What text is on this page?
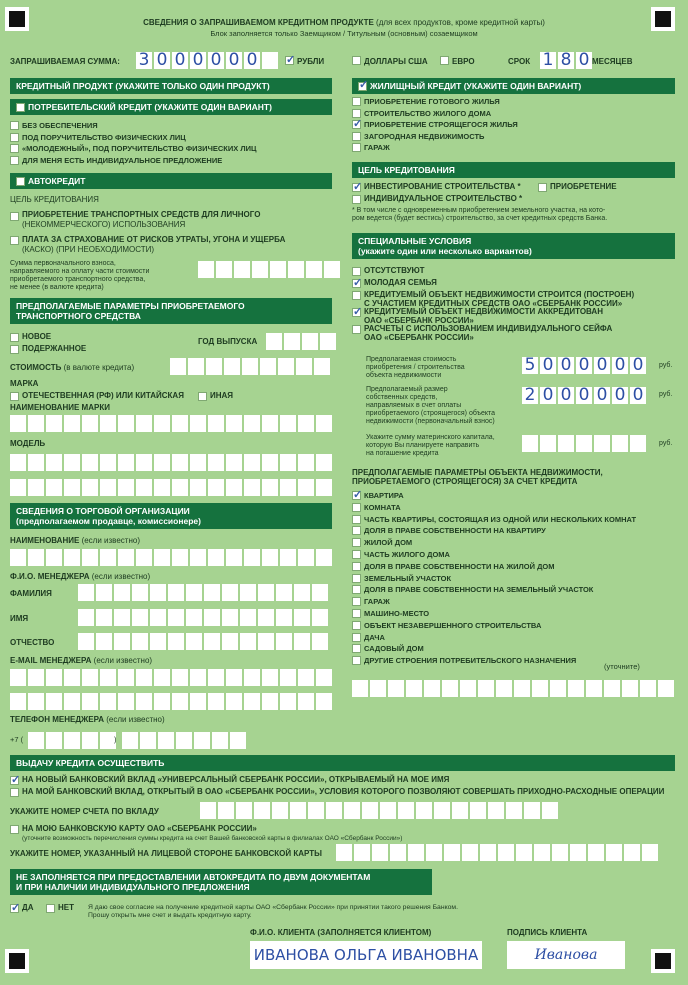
СВЕДЕНИЯ О ЗАПРАШИВАЕМОМ КРЕДИТНОМ ПРОДУКТЕ (для всех продуктов, кроме кредитной карты)
Блок заполняется только Заемщиком / Титульным (основным) созаемщиком
ЗАПРАШИВАЕМАЯ СУММА: 3 0 0 0 0 0 0
✓	РУБЛИ	ДОЛЛАРЫ США	ЕВРО	СРОК 1 8 0 МЕСЯЦЕВ
КРЕДИТНЫЙ ПРОДУКТ (УКАЖИТЕ ТОЛЬКО ОДИН ПРОДУКТ)
ПОТРЕБИТЕЛЬСКИЙ КРЕДИТ (УКАЖИТЕ ОДИН ВАРИАНТ)
БЕЗ ОБЕСПЕЧЕНИЯ
ПОД ПОРУЧИТЕЛЬСТВО ФИЗИЧЕСКИХ ЛИЦ
«МОЛОДЕЖНЫЙ», ПОД ПОРУЧИТЕЛЬСТВО ФИЗИЧЕСКИХ ЛИЦ
ДЛЯ МЕНЯ ЕСТЬ ИНДИВИДУАЛЬНОЕ ПРЕДЛОЖЕНИЕ
АВТОКРЕДИТ
ЦЕЛЬ КРЕДИТОВАНИЯ
ПРИОБРЕТЕНИЕ ТРАНСПОРТНЫХ СРЕДСТВ ДЛЯ ЛИЧНОГО
(НЕКОММЕРЧЕСКОГО) ИСПОЛЬЗОВАНИЯ
ПЛАТА ЗА СТРАХОВАНИЕ ОТ РИСКОВ УТРАТЫ, УГОНА И УЩЕРБА
(КАСКО) (ПРИ НЕОБХОДИМОСТИ)
Сумма первоначального взноса,
направляемого на оплату части стоимости
приобретаемого транспортного средства,
не менее (в валюте кредита)
ПРЕДПОЛАГАЕМЫЕ ПАРАМЕТРЫ ПРИОБРЕТАЕМОГО
ТРАНСПОРТНОГО СРЕДСТВА
НОВОЕ
ПОДЕРЖАННОЕ
ГОД ВЫПУСКА
СТОИМОСТЬ (в валюте кредита)
МАРКА
ОТЕЧЕСТВЕННАЯ (РФ) ИЛИ КИТАЙСКАЯ	ИНАЯ
НАИМЕНОВАНИЕ МАРКИ
МОДЕЛЬ
СВЕДЕНИЯ О ТОРГОВОЙ ОРГАНИЗАЦИИ
(предполагаемом продавце, комиссионере)
НАИМЕНОВАНИЕ (если известно)
Ф.И.О. МЕНЕДЖЕРА (если известно)
ФАМИЛИЯ
ИМЯ
ОТЧЕСТВО
E-MAIL МЕНЕДЖЕРА (если известно)
ТЕЛЕФОН МЕНЕДЖЕРА (если известно)
+7 (	)
✓ЖИЛИЩНЫЙ КРЕДИТ (УКАЖИТЕ ОДИН ВАРИАНТ)
ПРИОБРЕТЕНИЕ ГОТОВОГО ЖИЛЬЯ
СТРОИТЕЛЬСТВО ЖИЛОГО ДОМА
✓
ПРИОБРЕТЕНИЕ СТРОЯЩЕГОСЯ ЖИЛЬЯ
ЗАГОРОДНАЯ НЕДВИЖИМОСТЬ
ГАРАЖ
ЦЕЛЬ КРЕДИТОВАНИЯ
✓
ИНВЕСТИРОВАНИЕ СТРОИТЕЛЬСТВА *	ПРИОБРЕТЕНИЕ
ИНДИВИДУАЛЬНОЕ СТРОИТЕЛЬСТВО *
* В том числе с одновременным приобретением земельного участка, на кото-
ром ведется (будет вестись) строительство, за счет кредитных средств Банка.
СПЕЦИАЛЬНЫЕ УСЛОВИЯ
(укажите один или несколько вариантов)
ОТСУТСТВУЮТ
✓
МОЛОДАЯ СЕМЬЯ
КРЕДИТУЕМЫЙ ОБЪЕКТ НЕДВИЖИМОСТИ СТРОИТСЯ (ПОСТРОЕН)
С УЧАСТИЕМ КРЕДИТНЫХ СРЕДСТВ ОАО «СБЕРБАНК РОССИИ»
✓
КРЕДИТУЕМЫЙ ОБЪЕКТ НЕДВИЖИМОСТИ АККРЕДИТОВАН
ОАО «СБЕРБАНК РОССИИ»
РАСЧЕТЫ С ИСПОЛЬЗОВАНИЕМ ИНДИВИДУАЛЬНОГО СЕЙФА
ОАО «СБЕРБАНК РОССИИ»
Предполагаемая стоимость
приобретения / строительства
объекта недвижимости
5 0 0 0 0 0 0	руб.
Предполагаемый размер
собственных средств,
направляемых в счет оплаты
приобретаемого (строящегося) объекта
недвижимости (первоначальный взнос)
2 0 0 0 0 0 0	руб.
Укажите сумму материнского капитала,
которую Вы планируете направить
на погашение кредита
руб.
ПРЕДПОЛАГАЕМЫЕ ПАРАМЕТРЫ ОБЪЕКТА НЕДВИЖИМОСТИ,
ПРИОБРЕТАЕМОГО (СТРОЯЩЕГОСЯ) ЗА СЧЕТ КРЕДИТА
✓
КВАРТИРА
КОМНАТА
ЧАСТЬ КВАРТИРЫ, СОСТОЯЩАЯ ИЗ ОДНОЙ ИЛИ НЕСКОЛЬКИХ КОМНАТ
ДОЛЯ В ПРАВЕ СОБСТВЕННОСТИ НА КВАРТИРУ
ЖИЛОЙ ДОМ
ЧАСТЬ ЖИЛОГО ДОМА
ДОЛЯ В ПРАВЕ СОБСТВЕННОСТИ НА ЖИЛОЙ ДОМ
ЗЕМЕЛЬНЫЙ УЧАСТОК
ДОЛЯ В ПРАВЕ СОБСТВЕННОСТИ НА ЗЕМЕЛЬНЫЙ УЧАСТОК
ГАРАЖ
МАШИНО-МЕСТО
ОБЪЕКТ НЕЗАВЕРШЕННОГО СТРОИТЕЛЬСТВА
ДАЧА
САДОВЫЙ ДОМ
ДРУГИЕ СТРОЕНИЯ ПОТРЕБИТЕЛЬСКОГО НАЗНАЧЕНИЯ
(уточните)
ВЫДАЧУ КРЕДИТА ОСУЩЕСТВИТЬ
✓
НА НОВЫЙ БАНКОВСКИЙ ВКЛАД «УНИВЕРСАЛЬНЫЙ СБЕРБАНК РОССИИ», ОТКРЫВАЕМЫЙ НА МОЕ ИМЯ
НА МОЙ БАНКОВСКИЙ ВКЛАД, ОТКРЫТЫЙ В ОАО «СБЕРБАНК РОССИИ», УСЛОВИЯ КОТОРОГО ПОЗВОЛЯЮТ СОВЕРШАТЬ ПРИХОДНО-РАСХОДНЫЕ ОПЕРАЦИИ
УКАЖИТЕ НОМЕР СЧЕТА ПО ВКЛАДУ
НА МОЮ БАНКОВСКУЮ КАРТУ ОАО «СБЕРБАНК РОССИИ»
(уточните возможность перечисления суммы кредита на счет Вашей банковской карты в филиалах ОАО «Сбербанк России»)
УКАЖИТЕ НОМЕР, УКАЗАННЫЙ НА ЛИЦЕВОЙ СТОРОНЕ БАНКОВСКОЙ КАРТЫ
НЕ ЗАПОЛНЯЕТСЯ ПРИ ПРЕДОСТАВЛЕНИИ АВТОКРЕДИТА ПО ДВУМ ДОКУМЕНТАМ
И ПРИ НАЛИЧИИ ИНДИВИДУАЛЬНОГО ПРЕДЛОЖЕНИЯ
✓
ДА	НЕТ Я даю свое согласие на получение кредитной карты ОАО «Сбербанк России» при принятии такого решения Банком.
Прошу открыть мне счет и выдать кредитную карту.
Ф.И.О. КЛИЕНТА (ЗАПОЛНЯЕТСЯ КЛИЕНТОМ)	ПОДПИСЬ КЛИЕНТА
ИВАНОВА ОЛЬГА ИВАНОВНА	Иванова
